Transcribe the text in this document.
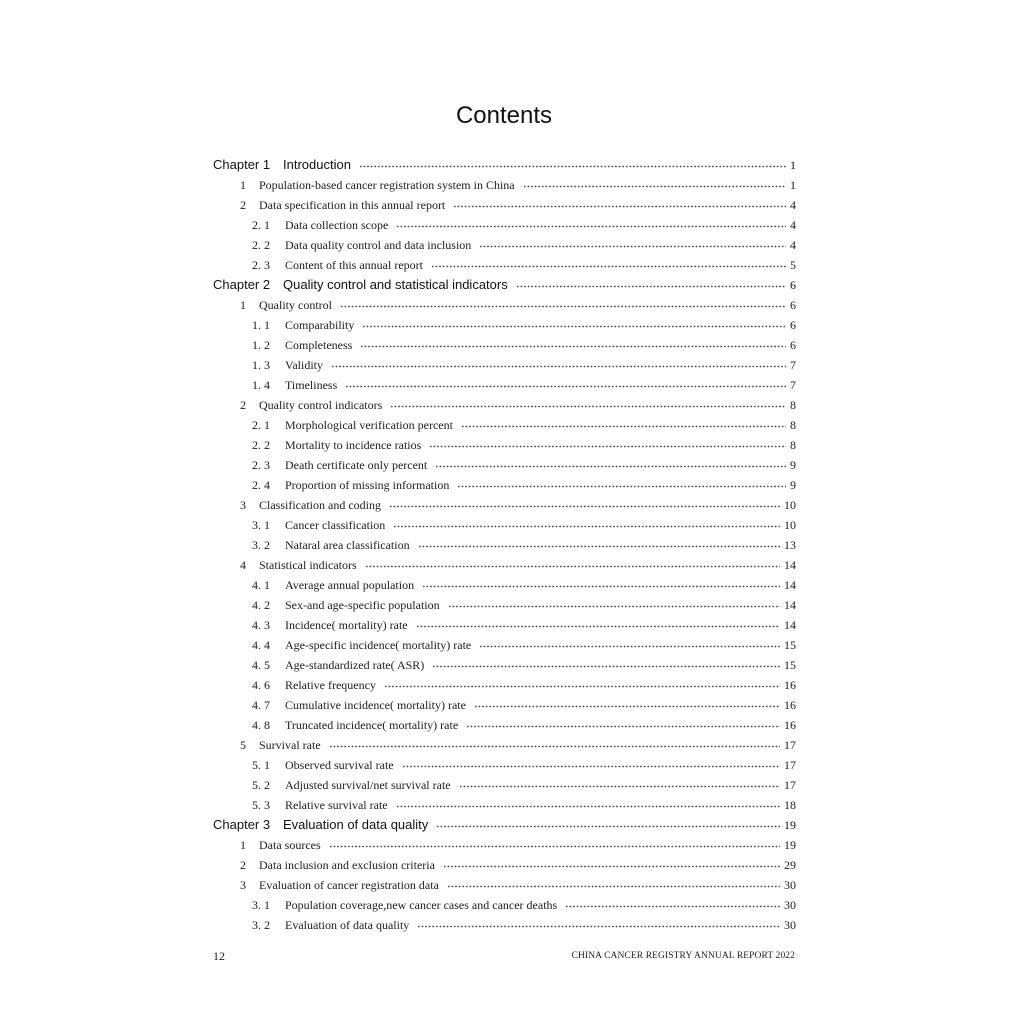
Contents
Chapter 1 Introduction	1
1	Population-based cancer registration system in China	1
2	Data specification in this annual report	4
2. 1	Data collection scope	4
2. 2	Data quality control and data inclusion	4
2. 3	Content of this annual report	5
Chapter 2 Quality control and statistical indicators	6
1	Quality control	6
1. 1	Comparability	6
1. 2	Completeness	6
1. 3	Validity	7
1. 4	Timeliness	7
2	Quality control indicators	8
2. 1	Morphological verification percent	8
2. 2	Mortality to incidence ratios	8
2. 3	Death certificate only percent	9
2. 4	Proportion of missing information	9
3	Classification and coding	10
3. 1	Cancer classification	10
3. 2	Nataral area classification	13
4	Statistical indicators	14
4. 1	Average annual population	14
4. 2	Sex-and age-specific population	14
4. 3	Incidence( mortality) rate	14
4. 4	Age-specific incidence( mortality) rate	15
4. 5	Age-standardized rate( ASR)	15
4. 6	Relative frequency	16
4. 7	Cumulative incidence( mortality) rate	16
4. 8	Truncated incidence( mortality) rate	16
5	Survival rate	17
5. 1	Observed survival rate	17
5. 2	Adjusted survival/net survival rate	17
5. 3	Relative survival rate	18
Chapter 3 Evaluation of data quality	19
1	Data sources	19
2	Data inclusion and exclusion criteria	29
3	Evaluation of cancer registration data	30
3. 1	Population coverage,new cancer cases and cancer deaths	30
3. 2	Evaluation of data quality	30
12	CHINA CANCER REGISTRY ANNUAL REPORT 2022
